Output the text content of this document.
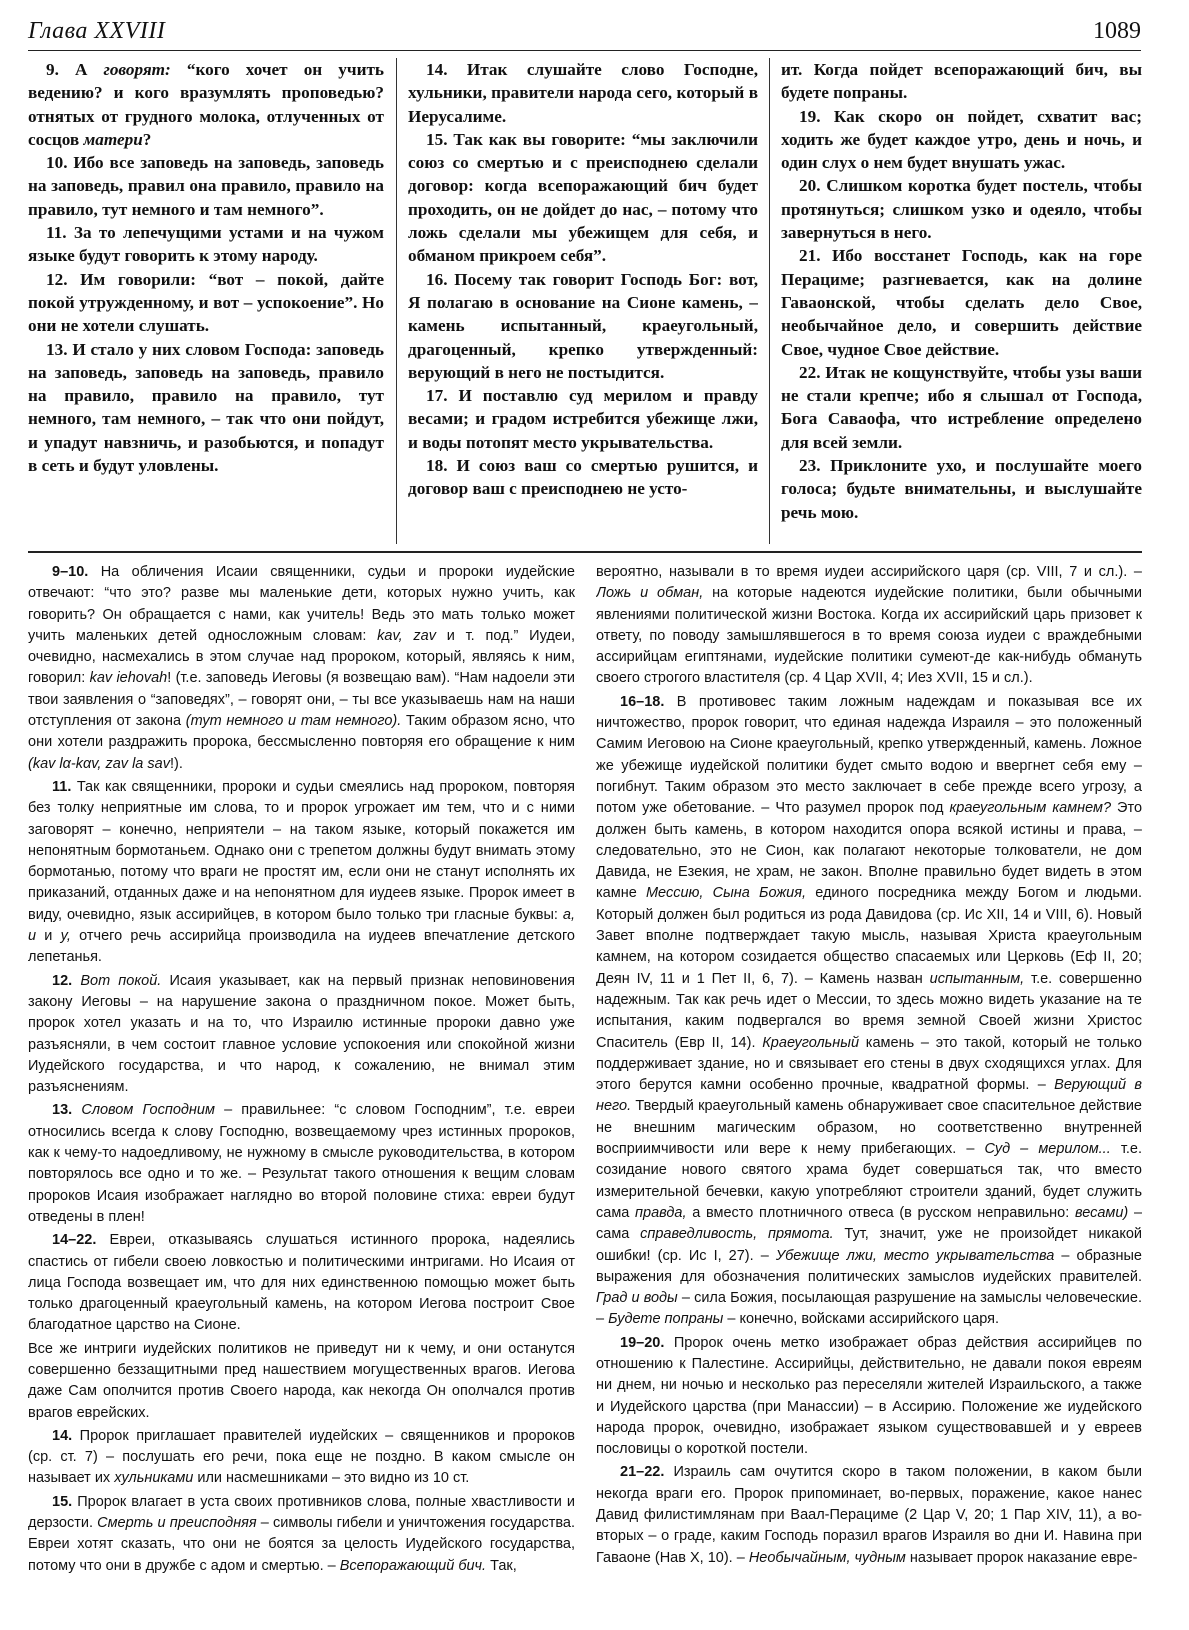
Глава XXVIII	1089

9. А говорят: “кого хочет он учить ведению? и кого вразумлять проповедью? отнятых от грудного молока, отлученных от сосцов матери?

10. Ибо все заповедь на заповедь, заповедь на заповедь, правил она правило, правило на правило, тут немного и там немного”.

11. За то лепечущими устами и на чужом языке будут говорить к этому народу.

12. Им говорили: “вот – покой, дайте покой утружденному, и вот – успокоение”. Но они не хотели слушать.

13. И стало у них словом Господа: заповедь на заповедь, заповедь на заповедь, правило на правило, правило на правило, тут немного, там немного, – так что они пойдут, и упадут навзничь, и разобьются, и попадут в сеть и будут уловлены.

14. Итак слушайте слово Господне, хульники, правители народа сего, который в Иерусалиме.

15. Так как вы говорите: “мы заключили союз со смертью и с преисподнею сделали договор: когда всепоражающий бич будет проходить, он не дойдет до нас, – потому что ложь сделали мы убежищем для себя, и обманом прикроем себя”.

16. Посему так говорит Господь Бог: вот, Я полагаю в основание на Сионе камень, – камень испытанный, краеугольный, драгоценный, крепко утвержденный: верующий в него не постыдится.

17. И поставлю суд мерилом и правду весами; и градом истребится убежище лжи, и воды потопят место укрывательства.

18. И союз ваш со смертью рушится, и договор ваш с преисподнею не усто-

ит. Когда пойдет всепоражающий бич, вы будете попраны.

19. Как скоро он пойдет, схватит вас; ходить же будет каждое утро, день и ночь, и один слух о нем будет внушать ужас.

20. Слишком коротка будет постель, чтобы протянуться; слишком узко и одеяло, чтобы завернуться в него.

21. Ибо восстанет Господь, как на горе Перациме; разгневается, как на долине Гаваонской, чтобы сделать дело Свое, необычайное дело, и совершить действие Свое, чудное Свое действие.

22. Итак не кощунствуйте, чтобы узы ваши не стали крепче; ибо я слышал от Господа, Бога Саваофа, что истребление определено для всей земли.

23. Приклоните ухо, и послушайте моего голоса; будьте внимательны, и выслушайте речь мою.

9–10. На обличения Исаии священники, судьи и пророки иудейские отвечают: “что это? разве мы маленькие дети, которых нужно учить, как говорить? Он обращается с нами, как учитель! Ведь это мать только может учить маленьких детей односложным словам: kav, zav и т. под.” Иудеи, очевидно, насмехались в этом случае над пророком, который, являясь к ним, говорил: kav iehovah! (т.е. заповедь Иеговы (я возвещаю вам). “Нам надоели эти твои заявления о “заповедях”, – говорят они, – ты все указываешь нам на наши отступления от закона (тут немного и там немного). Таким образом ясно, что они хотели раздражить пророка, бессмысленно повторяя его обращение к ним (kav lα-kαv, zav la sav!).

11. Так как священники, пророки и судьи смеялись над пророком, повторяя без толку неприятные им слова, то и пророк угрожает им тем, что и с ними заговорят – конечно, неприятели – на таком языке, который покажется им непонятным бормотаньем. Однако они с трепетом должны будут внимать этому бормотанью, потому что враги не простят им, если они не станут исполнять их приказаний, отданных даже и на непонятном для иудеев языке. Пророк имеет в виду, очевидно, язык ассирийцев, в котором было только три гласные буквы: а, и и у, отчего речь ассирийца производила на иудеев впечатление детского лепетанья.

12. Вот покой. Исаия указывает, как на первый признак неповиновения закону Иеговы – на нарушение закона о праздничном покое. Может быть, пророк хотел указать и на то, что Израилю истинные пророки давно уже разъясняли, в чем состоит главное условие успокоения или спокойной жизни Иудейского государства, и что народ, к сожалению, не внимал этим разъяснениям.

13. Словом Господним – правильнее: “с словом Господним”, т.е. евреи относились всегда к слову Господню, возвещаемому чрез истинных пророков, как к чему-то надоедливому, не нужному в смысле руководительства, в котором повторялось все одно и то же. – Результат такого отношения к вещим словам пророков Исаия изображает наглядно во второй половине стиха: евреи будут отведены в плен!

14–22. Евреи, отказываясь слушаться истинного пророка, надеялись спастись от гибели своею ловкостью и политическими интригами. Но Исаия от лица Господа возвещает им, что для них единственною помощью может быть только драгоценный краеугольный камень, на котором Иегова построит Свое благодатное царство на Сионе.

Все же интриги иудейских политиков не приведут ни к чему, и они останутся совершенно беззащитными пред нашествием могущественных врагов. Иегова даже Сам ополчится против Своего народа, как некогда Он ополчался против врагов еврейских.

14. Пророк приглашает правителей иудейских – священников и пророков (ср. ст. 7) – послушать его речи, пока еще не поздно. В каком смысле он называет их хульниками или насмешниками – это видно из 10 ст.

15. Пророк влагает в уста своих противников слова, полные хвастливости и дерзости. Смерть и преисподняя – символы гибели и уничтожения государства. Евреи хотят сказать, что они не боятся за целость Иудейского государства, потому что они в дружбе с адом и смертью. – Всепоражающий бич. Так,

вероятно, называли в то время иудеи ассирийского царя (ср. VIII, 7 и сл.). – Ложь и обман, на которые надеются иудейские политики, были обычными явлениями политической жизни Востока. Когда их ассирийский царь призовет к ответу, по поводу замышлявшегося в то время союза иудеи с враждебными ассирийцам египтянами, иудейские политики сумеют-де как-нибудь обмануть своего строгого властителя (ср. 4 Цар XVII, 4; Иез XVII, 15 и сл.).

16–18. В противовес таким ложным надеждам и показывая все их ничтожество, пророк говорит, что единая надежда Израиля – это положенный Самим Иеговою на Сионе краеугольный, крепко утвержденный, камень. Ложное же убежище иудейской политики будет смыто водою и ввергнет себя ему – погибнут. Таким образом это место заключает в себе прежде всего угрозу, а потом уже обетование. – Что разумел пророк под краеугольным камнем? Это должен быть камень, в котором находится опора всякой истины и права, – следовательно, это не Сион, как полагают некоторые толкователи, не дом Давида, не Езекия, не храм, не закон. Вполне правильно будет видеть в этом камне Мессию, Сына Божия, единого посредника между Богом и людьми. Который должен был родиться из рода Давидова (ср. Ис XII, 14 и VIII, 6). Новый Завет вполне подтверждает такую мысль, называя Христа краеугольным камнем, на котором созидается общество спасаемых или Церковь (Еф II, 20; Деян IV, 11 и 1 Пет II, 6, 7). – Камень назван испытанным, т.е. совершенно надежным. Так как речь идет о Мессии, то здесь можно видеть указание на те испытания, каким подвергался во время земной Своей жизни Христос Спаситель (Евр II, 14). Краеугольный камень – это такой, который не только поддерживает здание, но и связывает его стены в двух сходящихся углах. Для этого берутся камни особенно прочные, квадратной формы. – Верующий в него. Твердый краеугольный камень обнаруживает свое спасительное действие не внешним магическим образом, но соответственно внутренней восприимчивости или вере к нему прибегающих. – Суд – мерилом... т.е. созидание нового святого храма будет совершаться так, что вместо измерительной бечевки, какую употребляют строители зданий, будет служить сама правда, а вместо плотничного отвеса (в русском неправильно: весами) – сама справедливость, прямота. Тут, значит, уже не произойдет никакой ошибки! (ср. Ис I, 27). – Убежище лжи, место укрывательства – образные выражения для обозначения политических замыслов иудейских правителей. Град и воды – сила Божия, посылающая разрушение на замыслы человеческие. – Будете попраны – конечно, войсками ассирийского царя.

19–20. Пророк очень метко изображает образ действия ассирийцев по отношению к Палестине. Ассирийцы, действительно, не давали покоя евреям ни днем, ни ночью и несколько раз переселяли жителей Израильского, а также и Иудейского царства (при Манассии) – в Ассирию. Положение же иудейского народа пророк, очевидно, изображает языком существовавшей и у евреев пословицы о короткой постели.

21–22. Израиль сам очутится скоро в таком положении, в каком были некогда враги его. Пророк припоминает, во-первых, поражение, какое нанес Давид филистимлянам при Ваал-Перациме (2 Цар V, 20; 1 Пар XIV, 11), а во-вторых – о граде, каким Господь поразил врагов Израиля во дни И. Навина при Гаваоне (Нав X, 10). – Необычайным, чудным называет пророк наказание евре-
